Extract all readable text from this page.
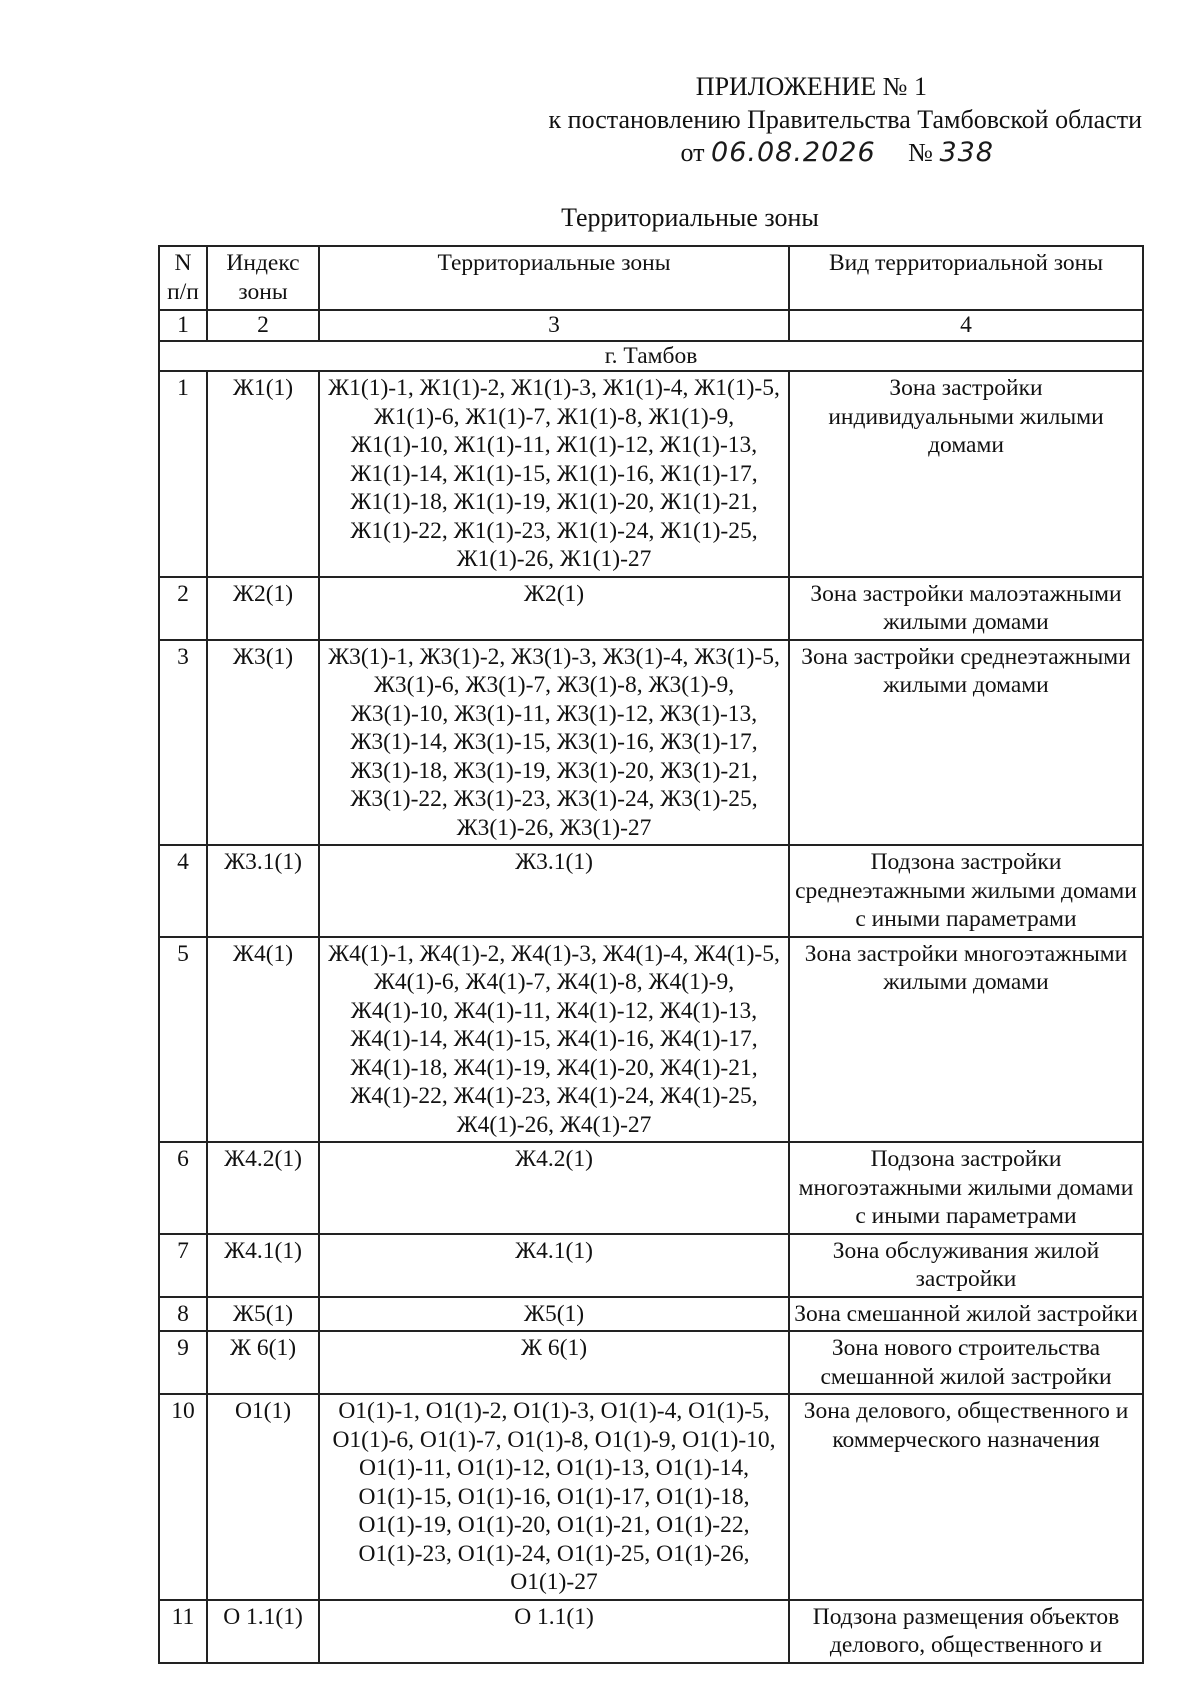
ПРИЛОЖЕНИЕ № 1
к постановлению Правительства Тамбовской области
от 06.08.2026 № 338
Территориальные зоны
N п/п	Индекс зоны	Территориальные зоны	Вид территориальной зоны
1	2	3	4
г. Тамбов			
1	Ж1(1)	Ж1(1)-1, Ж1(1)-2, Ж1(1)-3, Ж1(1)-4, Ж1(1)-5, Ж1(1)-6, Ж1(1)-7, Ж1(1)-8, Ж1(1)-9, Ж1(1)-10, Ж1(1)-11, Ж1(1)-12, Ж1(1)-13, Ж1(1)-14, Ж1(1)-15, Ж1(1)-16, Ж1(1)-17, Ж1(1)-18, Ж1(1)-19, Ж1(1)-20, Ж1(1)-21, Ж1(1)-22, Ж1(1)-23, Ж1(1)-24, Ж1(1)-25, Ж1(1)-26, Ж1(1)-27	Зона застройки индивидуальными жилыми домами
2	Ж2(1)	Ж2(1)	Зона застройки малоэтажными жилыми домами
3	Ж3(1)	Ж3(1)-1, Ж3(1)-2, Ж3(1)-3, Ж3(1)-4, Ж3(1)-5, Ж3(1)-6, Ж3(1)-7, Ж3(1)-8, Ж3(1)-9, Ж3(1)-10, Ж3(1)-11, Ж3(1)-12, Ж3(1)-13, Ж3(1)-14, Ж3(1)-15, Ж3(1)-16, Ж3(1)-17, Ж3(1)-18, Ж3(1)-19, Ж3(1)-20, Ж3(1)-21, Ж3(1)-22, Ж3(1)-23, Ж3(1)-24, Ж3(1)-25, Ж3(1)-26, Ж3(1)-27	Зона застройки среднеэтажными жилыми домами
4	Ж3.1(1)	Ж3.1(1)	Подзона застройки среднеэтажными жилыми домами с иными параметрами
5	Ж4(1)	Ж4(1)-1, Ж4(1)-2, Ж4(1)-3, Ж4(1)-4, Ж4(1)-5, Ж4(1)-6, Ж4(1)-7, Ж4(1)-8, Ж4(1)-9, Ж4(1)-10, Ж4(1)-11, Ж4(1)-12, Ж4(1)-13, Ж4(1)-14, Ж4(1)-15, Ж4(1)-16, Ж4(1)-17, Ж4(1)-18, Ж4(1)-19, Ж4(1)-20, Ж4(1)-21, Ж4(1)-22, Ж4(1)-23, Ж4(1)-24, Ж4(1)-25, Ж4(1)-26, Ж4(1)-27	Зона застройки многоэтажными жилыми домами
6	Ж4.2(1)	Ж4.2(1)	Подзона застройки многоэтажными жилыми домами с иными параметрами
7	Ж4.1(1)	Ж4.1(1)	Зона обслуживания жилой застройки
8	Ж5(1)	Ж5(1)	Зона смешанной жилой застройки
9	Ж 6(1)	Ж 6(1)	Зона нового строительства смешанной жилой застройки
10	О1(1)	О1(1)-1, О1(1)-2, О1(1)-3, О1(1)-4, О1(1)-5, О1(1)-6, О1(1)-7, О1(1)-8, О1(1)-9, О1(1)-10, О1(1)-11, О1(1)-12, О1(1)-13, О1(1)-14, О1(1)-15, О1(1)-16, О1(1)-17, О1(1)-18, О1(1)-19, О1(1)-20, О1(1)-21, О1(1)-22, О1(1)-23, О1(1)-24, О1(1)-25, О1(1)-26, О1(1)-27	Зона делового, общественного и коммерческого назначения
11	О 1.1(1)	О 1.1(1)	Подзона размещения объектов делового, общественного и
